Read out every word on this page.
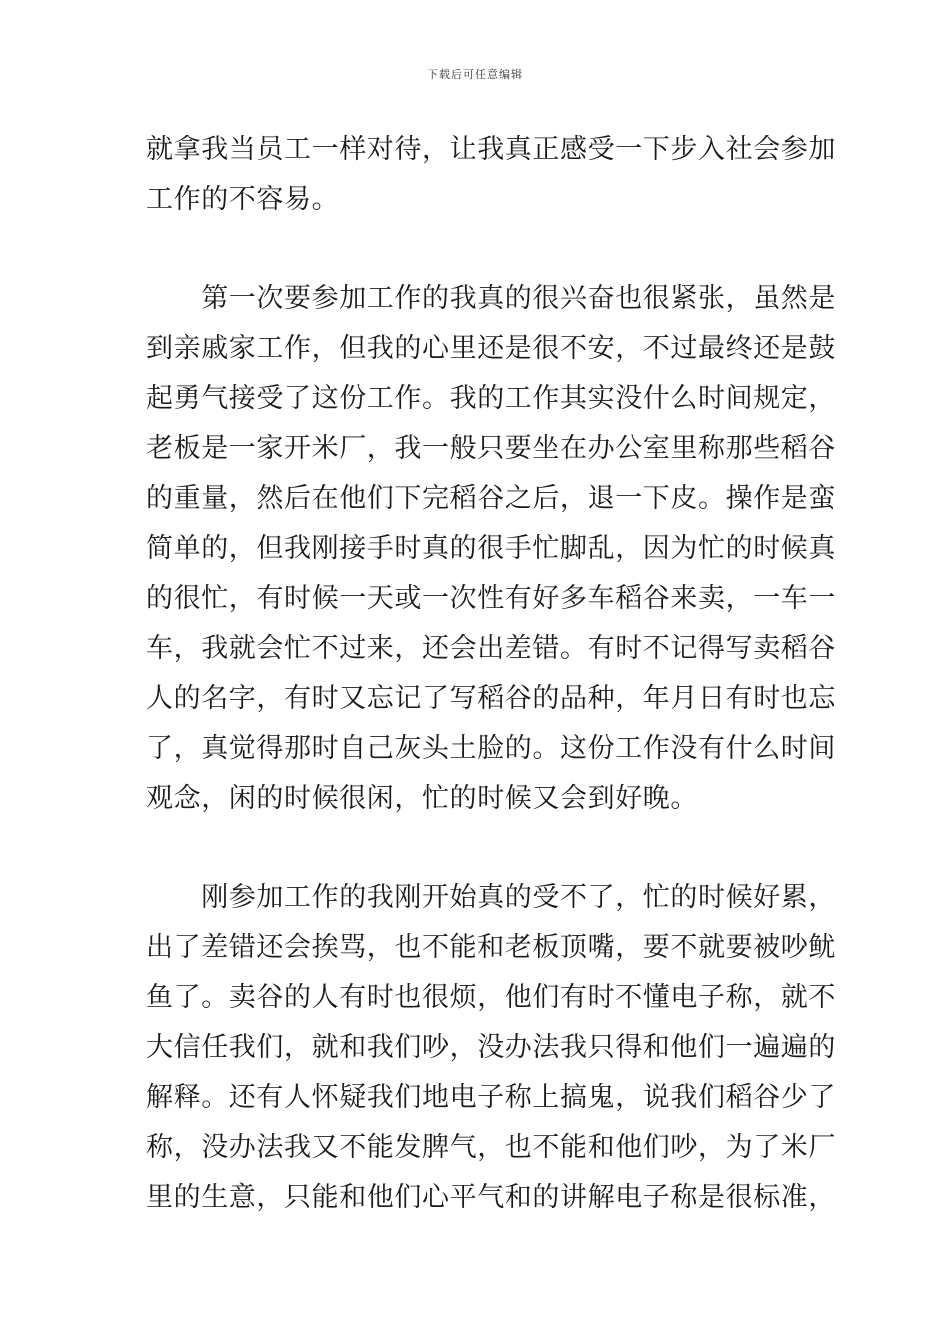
下载后可任意编辑
就拿我当员工一样对待，让我真正感受一下步入社会参加
工作的不容易。
　　第一次要参加工作的我真的很兴奋也很紧张，虽然是
到亲戚家工作，但我的心里还是很不安，不过最终还是鼓
起勇气接受了这份工作。我的工作其实没什么时间规定，
老板是一家开米厂，我一般只要坐在办公室里称那些稻谷
的重量，然后在他们下完稻谷之后，退一下皮。操作是蛮
简单的，但我刚接手时真的很手忙脚乱，因为忙的时候真
的很忙，有时候一天或一次性有好多车稻谷来卖，一车一
车，我就会忙不过来，还会出差错。有时不记得写卖稻谷
人的名字，有时又忘记了写稻谷的品种，年月日有时也忘
了，真觉得那时自己灰头土脸的。这份工作没有什么时间
观念，闲的时候很闲，忙的时候又会到好晚。
　　刚参加工作的我刚开始真的受不了，忙的时候好累，
出了差错还会挨骂，也不能和老板顶嘴，要不就要被吵鱿
鱼了。卖谷的人有时也很烦，他们有时不懂电子称，就不
大信任我们，就和我们吵，没办法我只得和他们一遍遍的
解释。还有人怀疑我们地电子称上搞鬼，说我们稻谷少了
称，没办法我又不能发脾气，也不能和他们吵，为了米厂
里的生意，只能和他们心平气和的讲解电子称是很标准，
